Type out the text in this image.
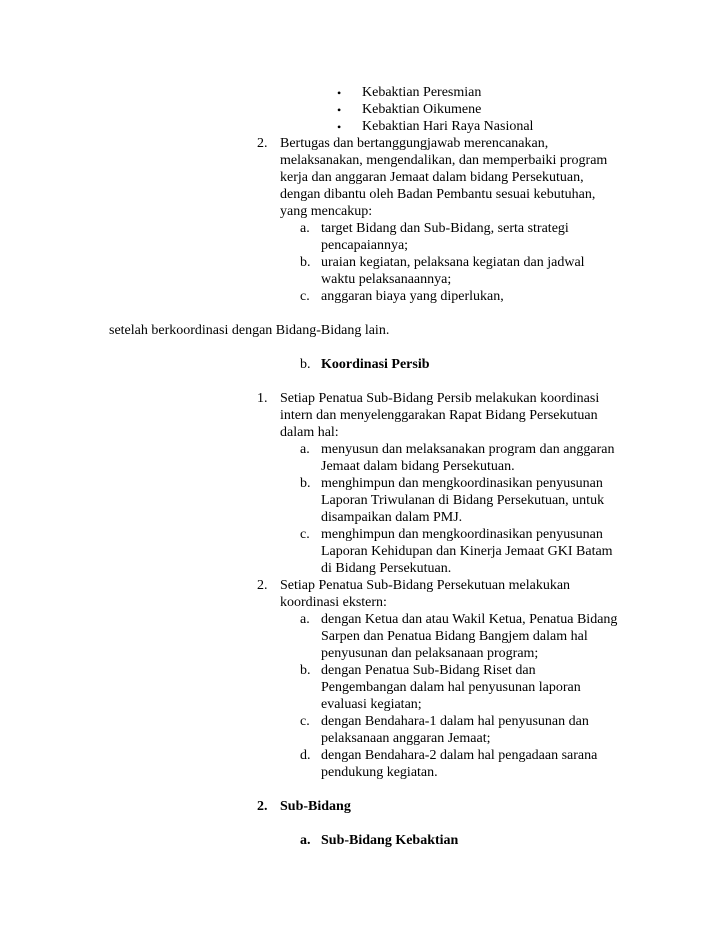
• Kebaktian Peresmian
• Kebaktian Oikumene
• Kebaktian Hari Raya Nasional
2. Bertugas dan bertanggungjawab merencanakan,
melaksanakan, mengendalikan, dan memperbaiki program
kerja dan anggaran Jemaat dalam bidang Persekutuan,
dengan dibantu oleh Badan Pembantu sesuai kebutuhan,
yang mencakup:
a. target Bidang dan Sub-Bidang, serta strategi
pencapaiannya;
b. uraian kegiatan, pelaksana kegiatan dan jadwal
waktu pelaksanaannya;
c. anggaran biaya yang diperlukan,
setelah berkoordinasi dengan Bidang-Bidang lain.
b. Koordinasi Persib
1. Setiap Penatua Sub-Bidang Persib melakukan koordinasi
intern dan menyelenggarakan Rapat Bidang Persekutuan
dalam hal:
a. menyusun dan melaksanakan program dan anggaran
Jemaat dalam bidang Persekutuan.
b. menghimpun dan mengkoordinasikan penyusunan
Laporan Triwulanan di Bidang Persekutuan, untuk
disampaikan dalam PMJ.
c. menghimpun dan mengkoordinasikan penyusunan
Laporan Kehidupan dan Kinerja Jemaat GKI Batam
di Bidang Persekutuan.
2. Setiap Penatua Sub-Bidang Persekutuan melakukan
koordinasi ekstern:
a. dengan Ketua dan atau Wakil Ketua, Penatua Bidang
Sarpen dan Penatua Bidang Bangjem dalam hal
penyusunan dan pelaksanaan program;
b. dengan Penatua Sub-Bidang Riset dan
Pengembangan dalam hal penyusunan laporan
evaluasi kegiatan;
c. dengan Bendahara-1 dalam hal penyusunan dan
pelaksanaan anggaran Jemaat;
d. dengan Bendahara-2 dalam hal pengadaan sarana
pendukung kegiatan.
2. Sub-Bidang
a. Sub-Bidang Kebaktian
